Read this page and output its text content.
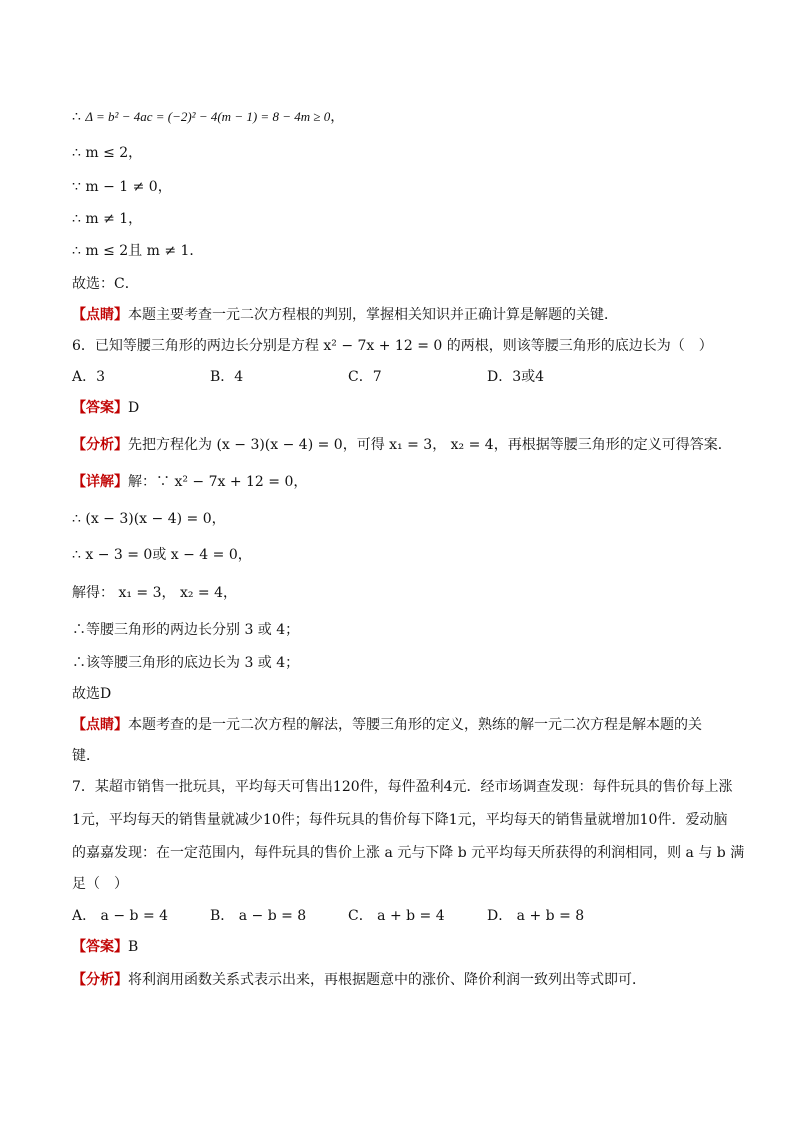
∴ Δ = b² − 4ac = (−2)² − 4(m − 1) = 8 − 4m ≥ 0，
∴ m ≤ 2，
∵ m − 1 ≠ 0，
∴ m ≠ 1，
∴ m ≤ 2且 m ≠ 1．
故选：C．
【点睛】本题主要考查一元二次方程根的判别，掌握相关知识并正确计算是解题的关键．
6．已知等腰三角形的两边长分别是方程 x² − 7x + 12 = 0 的两根，则该等腰三角形的底边长为（　）
A．3	B．4	C．7	D．3或4
【答案】D
【分析】先把方程化为 (x − 3)(x − 4) = 0，可得 x₁ = 3， x₂ = 4，再根据等腰三角形的定义可得答案．
【详解】解：∵ x² − 7x + 12 = 0，
∴ (x − 3)(x − 4) = 0，
∴ x − 3 = 0或 x − 4 = 0，
解得： x₁ = 3， x₂ = 4，
∴等腰三角形的两边长分别 3 或 4；
∴该等腰三角形的底边长为 3 或 4；
故选D
【点睛】本题考查的是一元二次方程的解法，等腰三角形的定义，熟练的解一元二次方程是解本题的关
键．
7．某超市销售一批玩具，平均每天可售出120件，每件盈利4元．经市场调查发现：每件玩具的售价每上涨
1元，平均每天的销售量就减少10件；每件玩具的售价每下降1元，平均每天的销售量就增加10件．爱动脑
的嘉嘉发现：在一定范围内，每件玩具的售价上涨 a 元与下降 b 元平均每天所获得的利润相同，则 a 与 b 满
足（　）
A． a − b = 4	B． a − b = 8	C． a + b = 4	D． a + b = 8
【答案】B
【分析】将利润用函数关系式表示出来，再根据题意中的涨价、降价利润一致列出等式即可．
